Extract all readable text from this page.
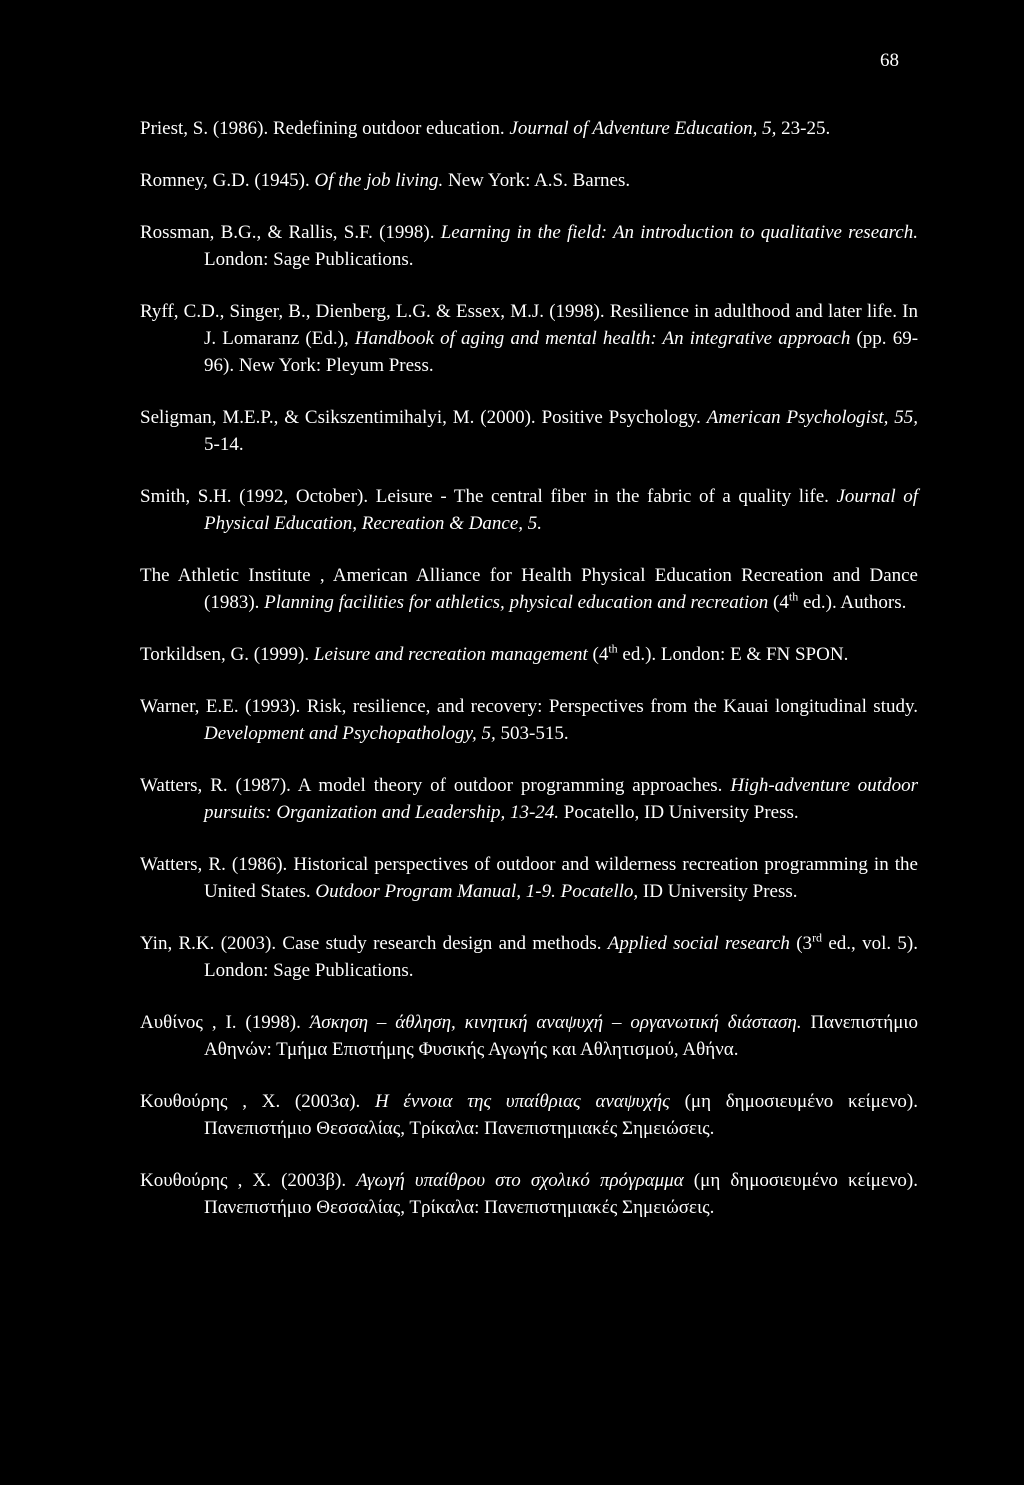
68

Priest, S. (1986). Redefining outdoor education. Journal of Adventure Education, 5, 23-25.

Romney, G.D. (1945). Of the job living. New York: A.S. Barnes.

Rossman, B.G., & Rallis, S.F. (1998). Learning in the field: An introduction to qualitative research. London: Sage Publications.

Ryff, C.D., Singer, B., Dienberg, L.G. & Essex, M.J. (1998). Resilience in adulthood and later life. In J. Lomaranz (Ed.), Handbook of aging and mental health: An integrative approach (pp. 69-96). New York: Pleyum Press.

Seligman, M.E.P., & Csikszentimihalyi, M. (2000). Positive Psychology. American Psychologist, 55, 5-14.

Smith, S.H. (1992, October). Leisure - The central fiber in the fabric of a quality life. Journal of Physical Education, Recreation & Dance, 5.

The Athletic Institute , American Alliance for Health Physical Education Recreation and Dance (1983). Planning facilities for athletics, physical education and recreation (4th ed.). Authors.

Torkildsen, G. (1999). Leisure and recreation management (4th ed.). London: E & FN SPON.

Warner, E.E. (1993). Risk, resilience, and recovery: Perspectives from the Kauai longitudinal study. Development and Psychopathology, 5, 503-515.

Watters, R. (1987). A model theory of outdoor programming approaches. High-adventure outdoor pursuits: Organization and Leadership, 13-24. Pocatello, ID University Press.

Watters, R. (1986). Historical perspectives of outdoor and wilderness recreation programming in the United States. Outdoor Program Manual, 1-9. Pocatello, ID University Press.

Yin, R.K. (2003). Case study research design and methods. Applied social research (3rd ed., vol. 5). London: Sage Publications.

Αυθίνος , Ι. (1998). Άσκηση – άθληση, κινητική αναψυχή – οργανωτική διάσταση. Πανεπιστήμιο Αθηνών: Τμήμα Επιστήμης Φυσικής Αγωγής και Αθλητισμού, Αθήνα.

Κουθούρης , Χ. (2003α). Η έννοια της υπαίθριας αναψυχής (μη δημοσιευμένο κείμενο). Πανεπιστήμιο Θεσσαλίας, Τρίκαλα: Πανεπιστημιακές Σημειώσεις.

Κουθούρης , Χ. (2003β). Αγωγή υπαίθρου στο σχολικό πρόγραμμα (μη δημοσιευμένο κείμενο). Πανεπιστήμιο Θεσσαλίας, Τρίκαλα: Πανεπιστημιακές Σημειώσεις.
